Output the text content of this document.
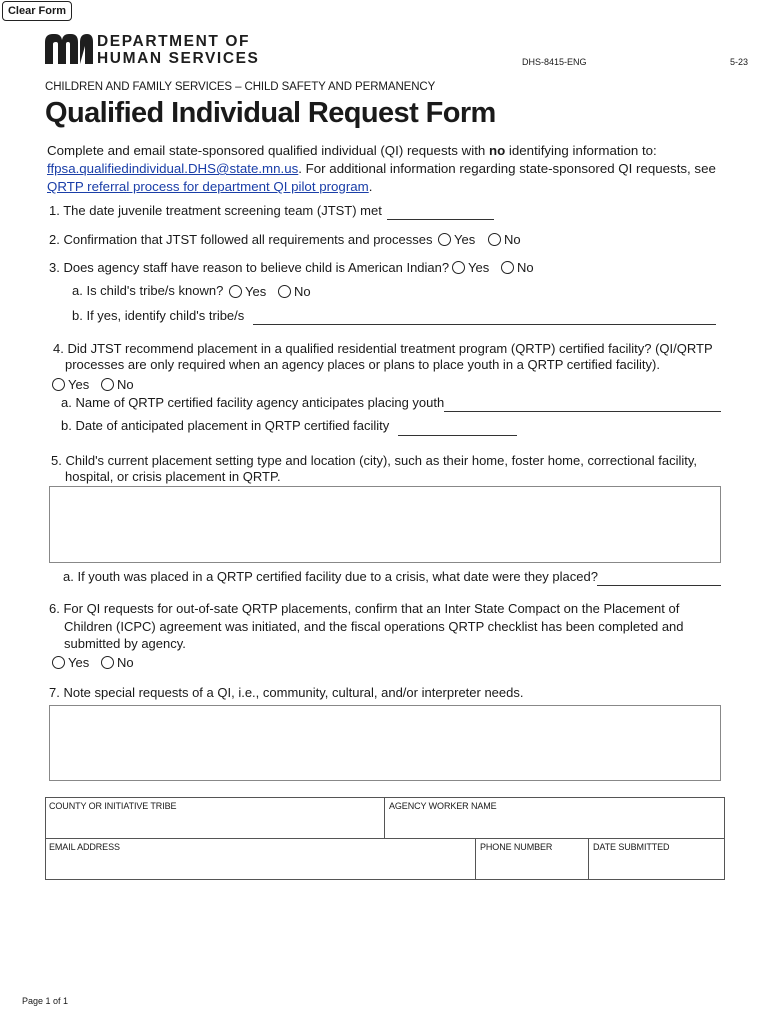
Clear Form
DEPARTMENT OF
HUMAN SERVICES	DHS-8415-ENG	5-23
CHILDREN AND FAMILY SERVICES – CHILD SAFETY AND PERMANENCY
Qualified Individual Request Form
Complete and email state-sponsored qualified individual (QI) requests with no identifying information to: ffpsa.qualifiedindividual.DHS@state.mn.us. For additional information regarding state-sponsored QI requests, see QRTP referral process for department QI pilot program.
1. The date juvenile treatment screening team (JTST) met
2. Confirmation that JTST followed all requirements and processes Yes No
3. Does agency staff have reason to believe child is American Indian? Yes No
a. Is child's tribe/s known? Yes No
b. If yes, identify child's tribe/s
4. Did JTST recommend placement in a qualified residential treatment program (QRTP) certified facility? (QI/QRTP
processes are only required when an agency places or plans to place youth in a QRTP certified facility).
Yes No
a. Name of QRTP certified facility agency anticipates placing youth
b. Date of anticipated placement in QRTP certified facility
5. Child's current placement setting type and location (city), such as their home, foster home, correctional facility,
hospital, or crisis placement in QRTP.
a. If youth was placed in a QRTP certified facility due to a crisis, what date were they placed?
6. For QI requests for out-of-sate QRTP placements, confirm that an Inter State Compact on the Placement of
Children (ICPC) agreement was initiated, and the fiscal operations QRTP checklist has been completed and
submitted by agency.
Yes No
7. Note special requests of a QI, i.e., community, cultural, and/or interpreter needs.
COUNTY OR INITIATIVE TRIBE	AGENCY WORKER NAME
EMAIL ADDRESS	PHONE NUMBER	DATE SUBMITTED
Page 1 of 1
